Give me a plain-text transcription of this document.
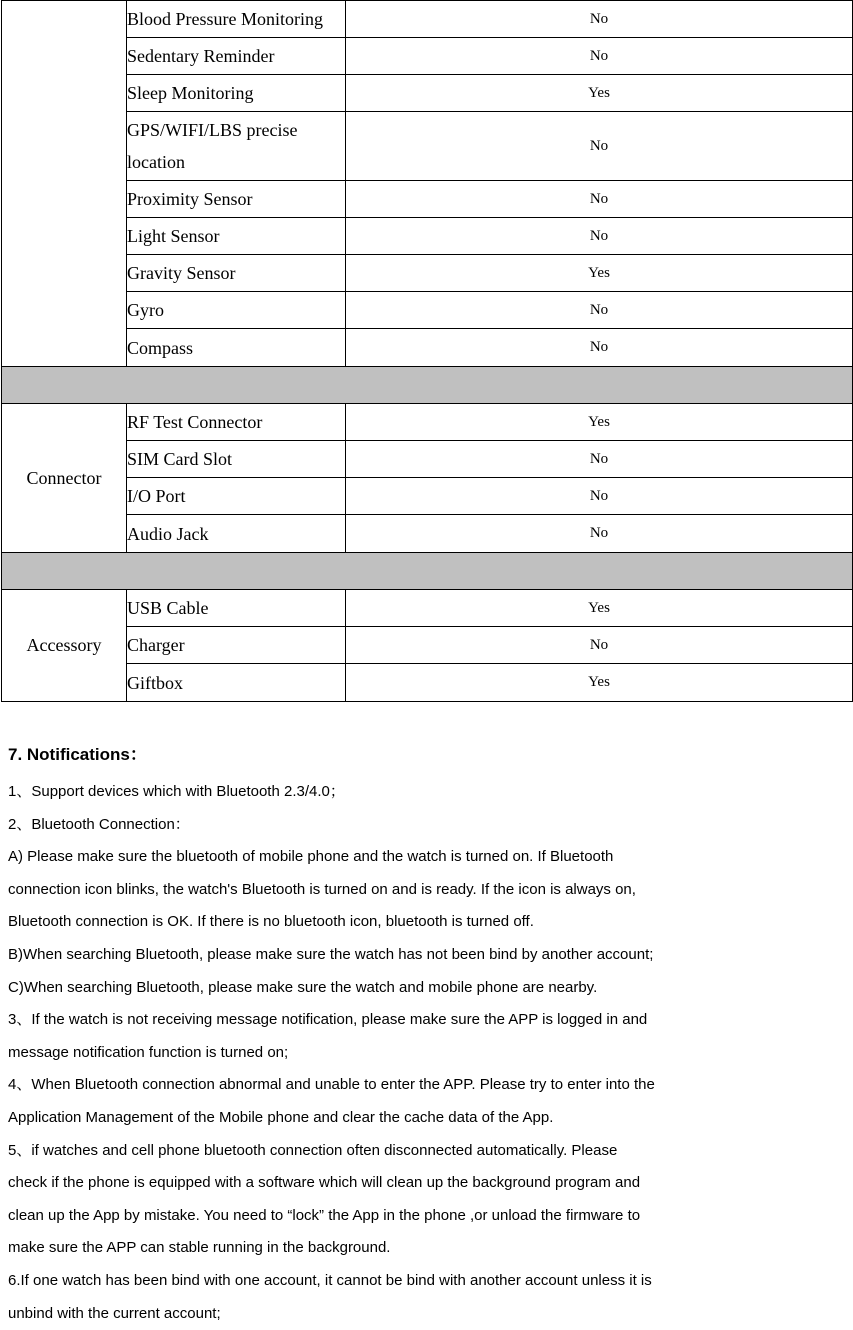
	Blood Pressure Monitoring	No
	Sedentary Reminder	No
	Sleep Monitoring	Yes
	GPS/WIFI/LBS precise location	No
	Proximity Sensor	No
	Light Sensor	No
	Gravity Sensor	Yes
	Gyro	No
	Compass	No

Connector	RF Test Connector	Yes
	SIM Card Slot	No
	I/O Port	No
	Audio Jack	No

Accessory	USB Cable	Yes
	Charger	No
	Giftbox	Yes
7. Notifications：

1、Support devices which with Bluetooth 2.3/4.0；

2、Bluetooth Connection：

A) Please make sure the bluetooth of mobile phone and the watch is turned on. If Bluetooth

connection icon blinks, the watch's Bluetooth is turned on and is ready. If the icon is always on,

Bluetooth connection is OK. If there is no bluetooth icon, bluetooth is turned off.

B)When searching Bluetooth, please make sure the watch has not been bind by another account;

C)When searching Bluetooth, please make sure the watch and mobile phone are nearby.

3、If the watch is not receiving message notification, please make sure the APP is logged in and

message notification function is turned on;

4、When Bluetooth connection abnormal and unable to enter the APP. Please try to enter into the

Application Management of the Mobile phone and clear the cache data of the App.

5、if watches and cell phone bluetooth connection often disconnected automatically. Please

check if the phone is equipped with a software which will clean up the background program and

clean up the App by mistake. You need to “lock” the App in the phone ,or unload the firmware to

make sure the APP can stable running in the background.

6.If one watch has been bind with one account, it cannot be bind with another account unless it is

unbind with the current account;
